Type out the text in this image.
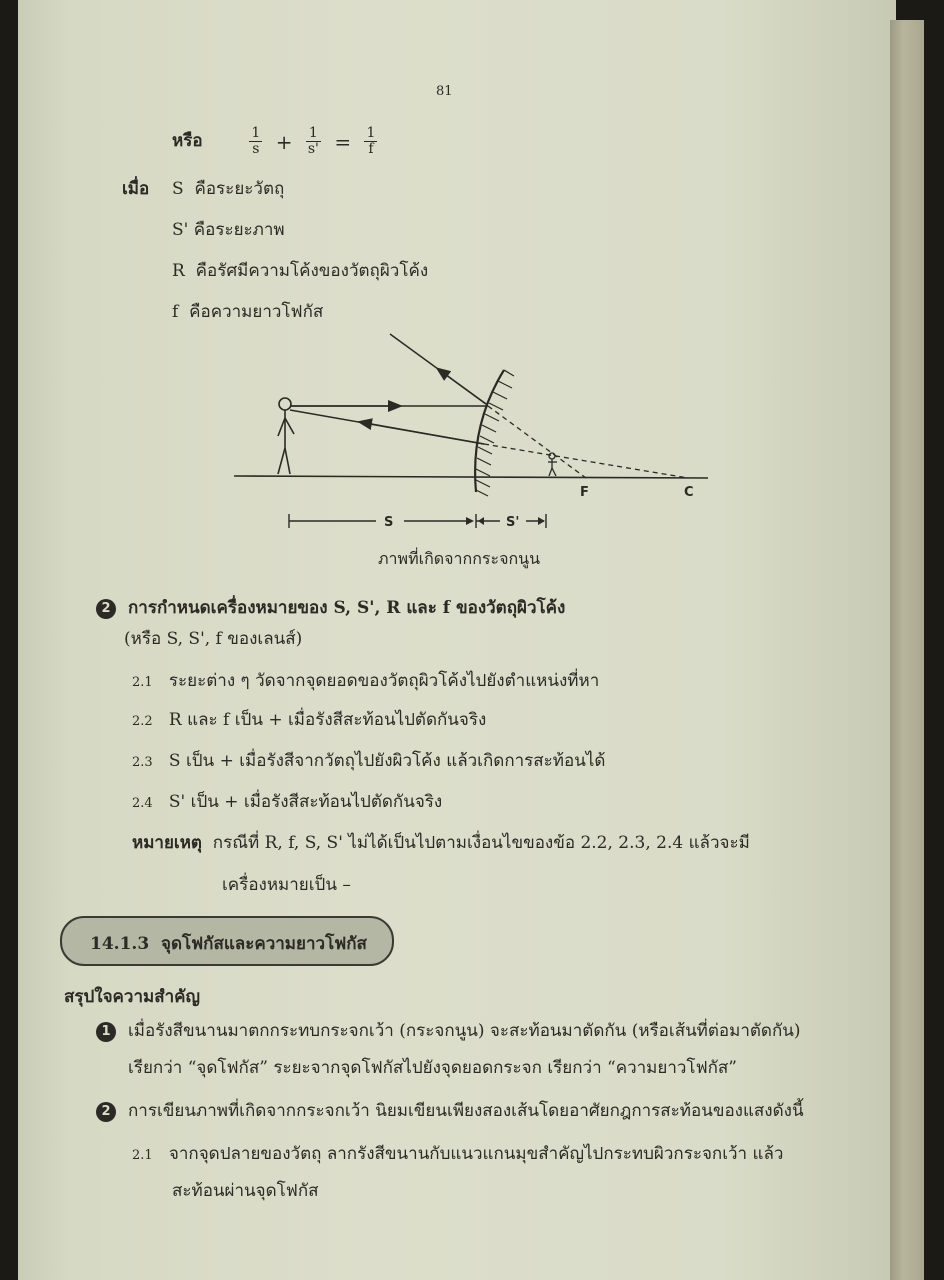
81
หรือ	$\frac{1}{s} + \frac{1}{s'} = \frac{1}{f}$
เมื่อ S คือระยะวัตถุ
S' คือระยะภาพ
R คือรัศมีความโค้งของวัตถุผิวโค้ง
f คือความยาวโฟกัส
F	C
S	S'
ภาพที่เกิดจากกระจกนูน
2 การกำหนดเครื่องหมายของ S, S', R และ f ของวัตถุผิวโค้ง
(หรือ S, S', f ของเลนส์)
2.1 ระยะต่าง ๆ วัดจากจุดยอดของวัตถุผิวโค้งไปยังตำแหน่งที่หา
2.2 R และ f เป็น + เมื่อรังสีสะท้อนไปตัดกันจริง
2.3 S เป็น + เมื่อรังสีจากวัตถุไปยังผิวโค้ง แล้วเกิดการสะท้อนได้
2.4 S' เป็น + เมื่อรังสีสะท้อนไปตัดกันจริง
หมายเหตุ กรณีที่ R, f, S, S' ไม่ได้เป็นไปตามเงื่อนไขของข้อ 2.2, 2.3, 2.4 แล้วจะมี
เครื่องหมายเป็น –
14.1.3 จุดโฟกัสและความยาวโฟกัส
สรุปใจความสำคัญ
1 เมื่อรังสีขนานมาตกกระทบกระจกเว้า (กระจกนูน) จะสะท้อนมาตัดกัน (หรือเส้นที่ต่อมาตัดกัน)
เรียกว่า “จุดโฟกัส” ระยะจากจุดโฟกัสไปยังจุดยอดกระจก เรียกว่า “ความยาวโฟกัส”
2 การเขียนภาพที่เกิดจากกระจกเว้า นิยมเขียนเพียงสองเส้นโดยอาศัยกฎการสะท้อนของแสงดังนี้
2.1 จากจุดปลายของวัตถุ ลากรังสีขนานกับแนวแกนมุขสำคัญไปกระทบผิวกระจกเว้า แล้ว
สะท้อนผ่านจุดโฟกัส
